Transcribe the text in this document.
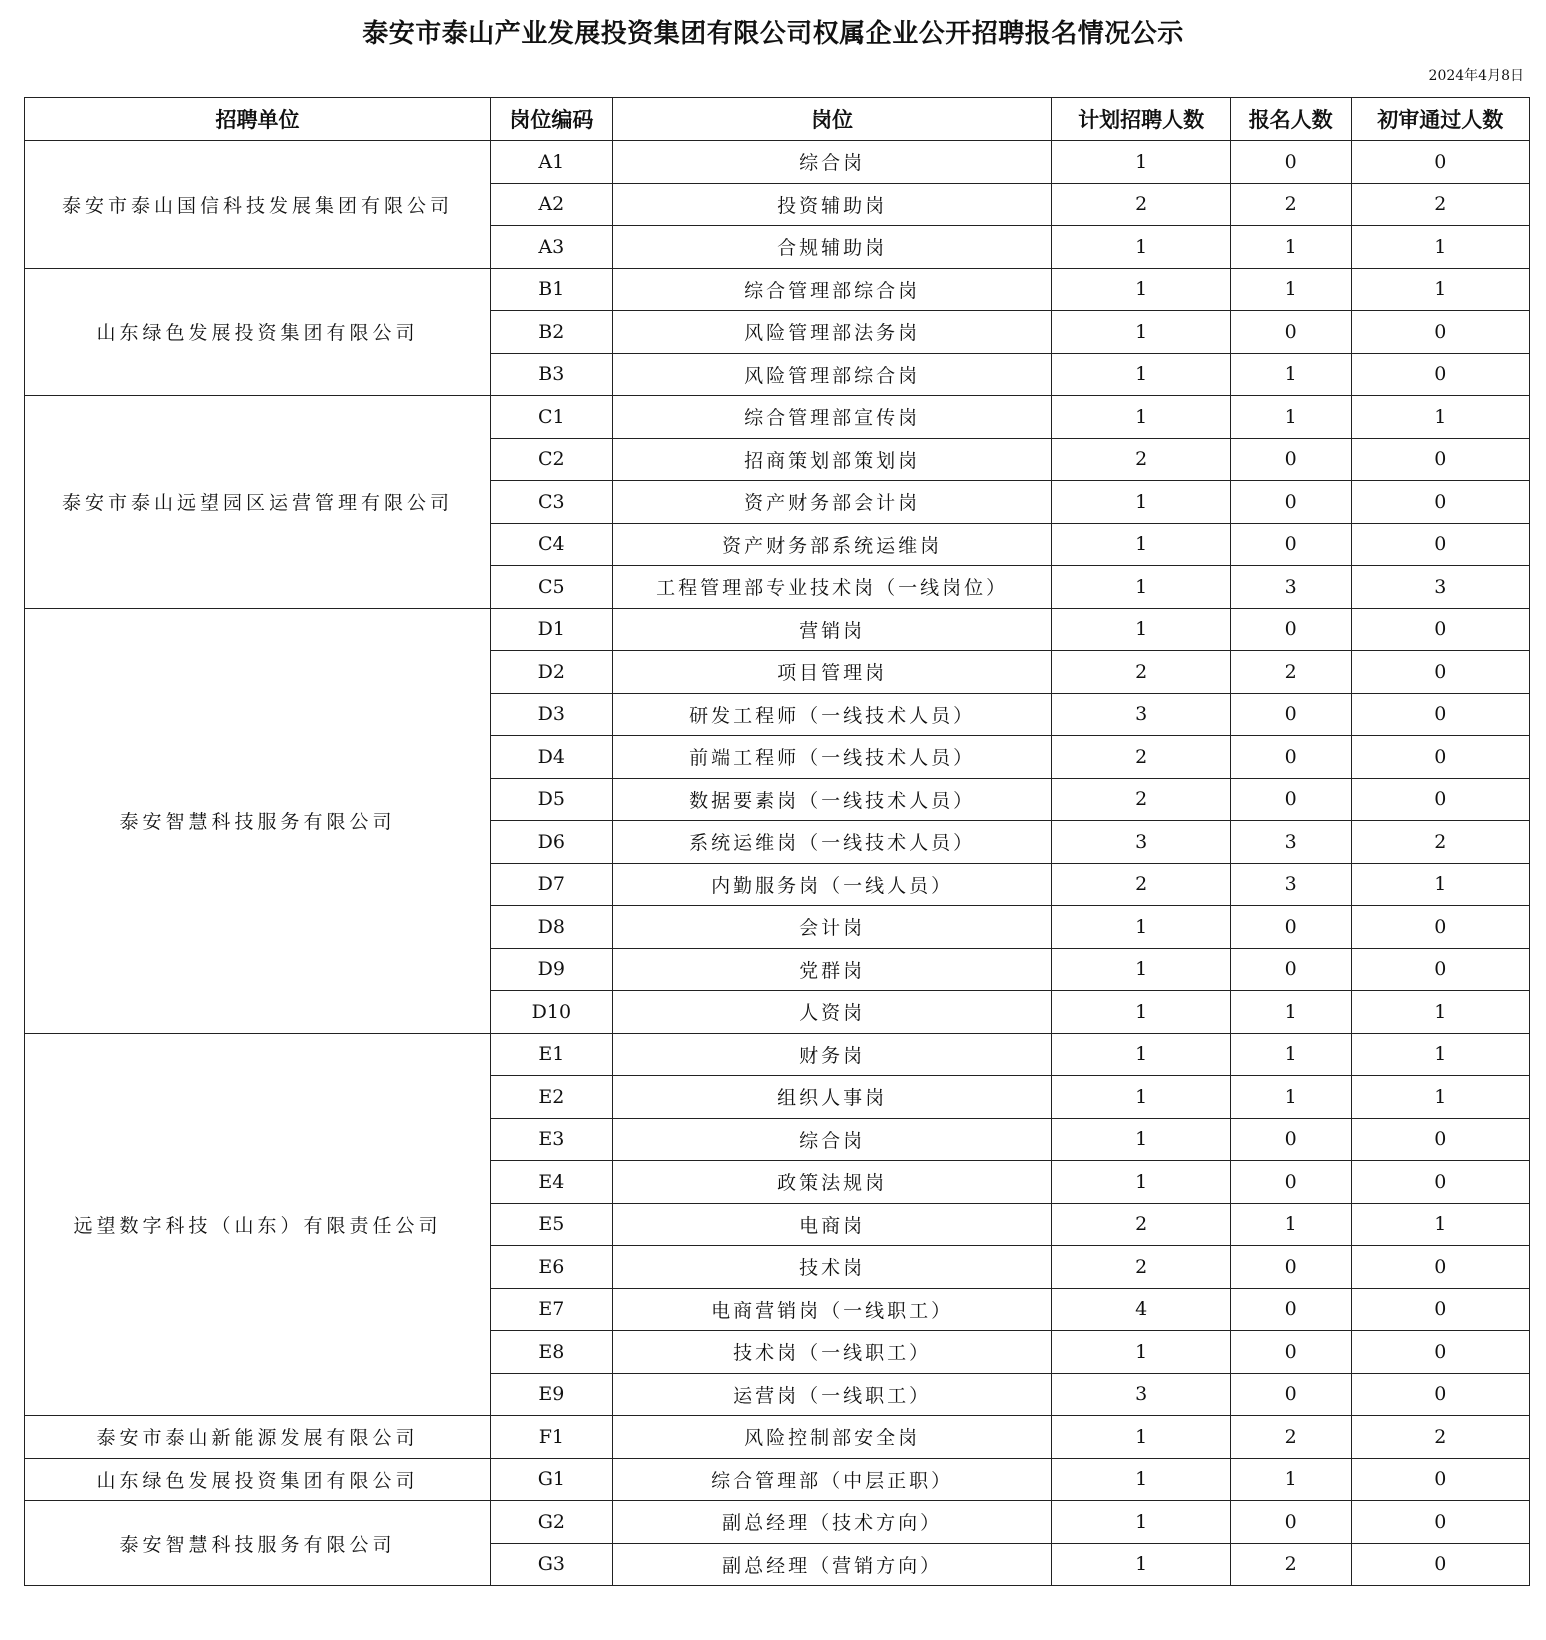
泰安市泰山产业发展投资集团有限公司权属企业公开招聘报名情况公示
2024年4月8日
招聘单位	岗位编码	岗位	计划招聘人数	报名人数	初审通过人数
泰安市泰山国信科技发展集团有限公司	A1	综合岗	1	0	0
	A2	投资辅助岗	2	2	2
	A3	合规辅助岗	1	1	1
山东绿色发展投资集团有限公司	B1	综合管理部综合岗	1	1	1
	B2	风险管理部法务岗	1	0	0
	B3	风险管理部综合岗	1	1	0
泰安市泰山远望园区运营管理有限公司	C1	综合管理部宣传岗	1	1	1
	C2	招商策划部策划岗	2	0	0
	C3	资产财务部会计岗	1	0	0
	C4	资产财务部系统运维岗	1	0	0
	C5	工程管理部专业技术岗（一线岗位）	1	3	3
泰安智慧科技服务有限公司	D1	营销岗	1	0	0
	D2	项目管理岗	2	2	0
	D3	研发工程师（一线技术人员）	3	0	0
	D4	前端工程师（一线技术人员）	2	0	0
	D5	数据要素岗（一线技术人员）	2	0	0
	D6	系统运维岗（一线技术人员）	3	3	2
	D7	内勤服务岗（一线人员）	2	3	1
	D8	会计岗	1	0	0
	D9	党群岗	1	0	0
	D10	人资岗	1	1	1
远望数字科技（山东）有限责任公司	E1	财务岗	1	1	1
	E2	组织人事岗	1	1	1
	E3	综合岗	1	0	0
	E4	政策法规岗	1	0	0
	E5	电商岗	2	1	1
	E6	技术岗	2	0	0
	E7	电商营销岗（一线职工）	4	0	0
	E8	技术岗（一线职工）	1	0	0
	E9	运营岗（一线职工）	3	0	0
泰安市泰山新能源发展有限公司	F1	风险控制部安全岗	1	2	2
山东绿色发展投资集团有限公司	G1	综合管理部（中层正职）	1	1	0
泰安智慧科技服务有限公司	G2	副总经理（技术方向）	1	0	0
	G3	副总经理（营销方向）	1	2	0
